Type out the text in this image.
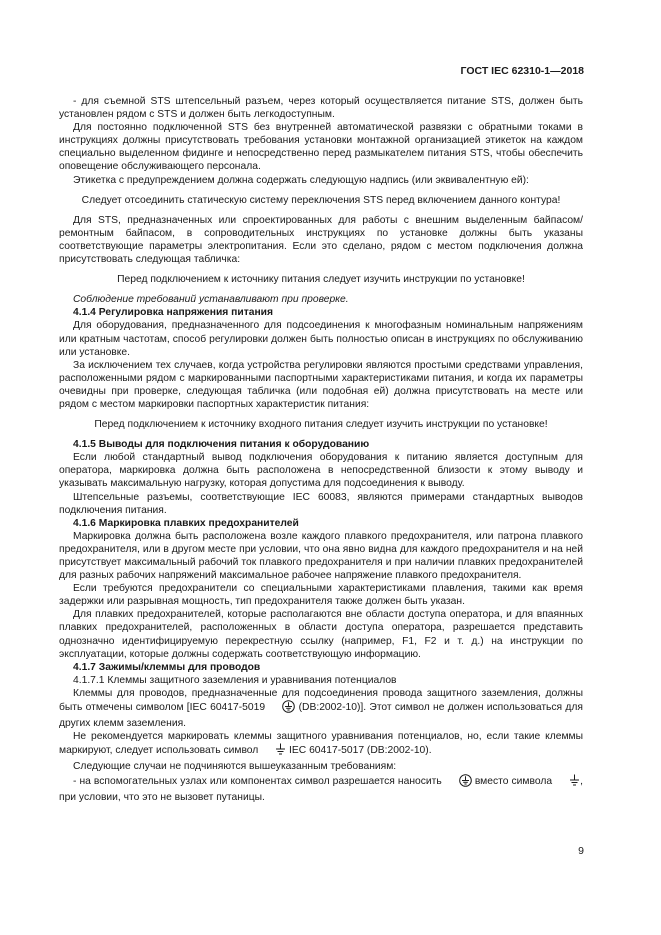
ГОСТ IEC 62310-1—2018

- для съемной STS штепсельный разъем, через который осуществляется питание STS, должен быть установлен рядом с STS и должен быть легкодоступным.

Для постоянно подключенной STS без внутренней автоматической развязки с обратными токами в инструкциях должны присутствовать требования установки монтажной организацией этикеток на каждом специально выделенном фидинге и непосредственно перед размыкателем питания STS, чтобы обеспечить оповещение обслуживающего персонала.

Этикетка с предупреждением должна содержать следующую надпись (или эквивалентную ей):

Следует отсоединить статическую систему переключения STS перед включением данного контура!

Для STS, предназначенных или спроектированных для работы с внешним выделенным байпасом/ремонтным байпасом, в сопроводительных инструкциях по установке должны быть указаны соответствующие параметры электропитания. Если это сделано, рядом с местом подключения должна присутствовать следующая табличка:

Перед подключением к источнику питания следует изучить инструкции по установке!

Соблюдение требований устанавливают при проверке.

4.1.4 Регулировка напряжения питания

Для оборудования, предназначенного для подсоединения к многофазным номинальным напряжениям или кратным частотам, способ регулировки должен быть полностью описан в инструкциях по обслуживанию или установке.

За исключением тех случаев, когда устройства регулировки являются простыми средствами управления, расположенными рядом с маркированными паспортными характеристиками питания, и когда их параметры очевидны при проверке, следующая табличка (или подобная ей) должна присутствовать на месте или рядом с местом маркировки паспортных характеристик питания:

Перед подключением к источнику входного питания следует изучить инструкции по установке!

4.1.5 Выводы для подключения питания к оборудованию

Если любой стандартный вывод подключения оборудования к питанию является доступным для оператора, маркировка должна быть расположена в непосредственной близости к этому выводу и указывать максимальную нагрузку, которая допустима для подсоединения к выводу.

Штепсельные разъемы, соответствующие IEC 60083, являются примерами стандартных выводов подключения питания.

4.1.6 Маркировка плавких предохранителей

Маркировка должна быть расположена возле каждого плавкого предохранителя, или патрона плавкого предохранителя, или в другом месте при условии, что она явно видна для каждого предохранителя и на ней присутствует максимальный рабочий ток плавкого предохранителя и при наличии плавких предохранителей для разных рабочих напряжений максимальное рабочее напряжение плавкого предохранителя.

Если требуются предохранители со специальными характеристиками плавления, такими как время задержки или разрывная мощность, тип предохранителя также должен быть указан.

Для плавких предохранителей, которые располагаются вне области доступа оператора, и для впаянных плавких предохранителей, расположенных в области доступа оператора, разрешается представить однозначно идентифицируемую перекрестную ссылку (например, F1, F2 и т. д.) на инструкции по эксплуатации, которые должны содержать соответствующую информацию.

4.1.7 Зажимы/клеммы для проводов

4.1.7.1 Клеммы защитного заземления и уравнивания потенциалов

Клеммы для проводов, предназначенные для подсоединения провода защитного заземления, должны быть отмечены символом [IEC 60417-5019	(DB:2002-10)]. Этот символ не должен использоваться для других клемм заземления.

Не рекомендуется маркировать клеммы защитного уравнивания потенциалов, но, если такие клеммы маркируют, следует использовать символ  IEC 60417-5017 (DB:2002-10).

Следующие случаи не подчиняются вышеуказанным требованиям:

- на вспомогательных узлах или компонентах символ разрешается наносить	вместо символа , при условии, что это не вызовет путаницы.

9
